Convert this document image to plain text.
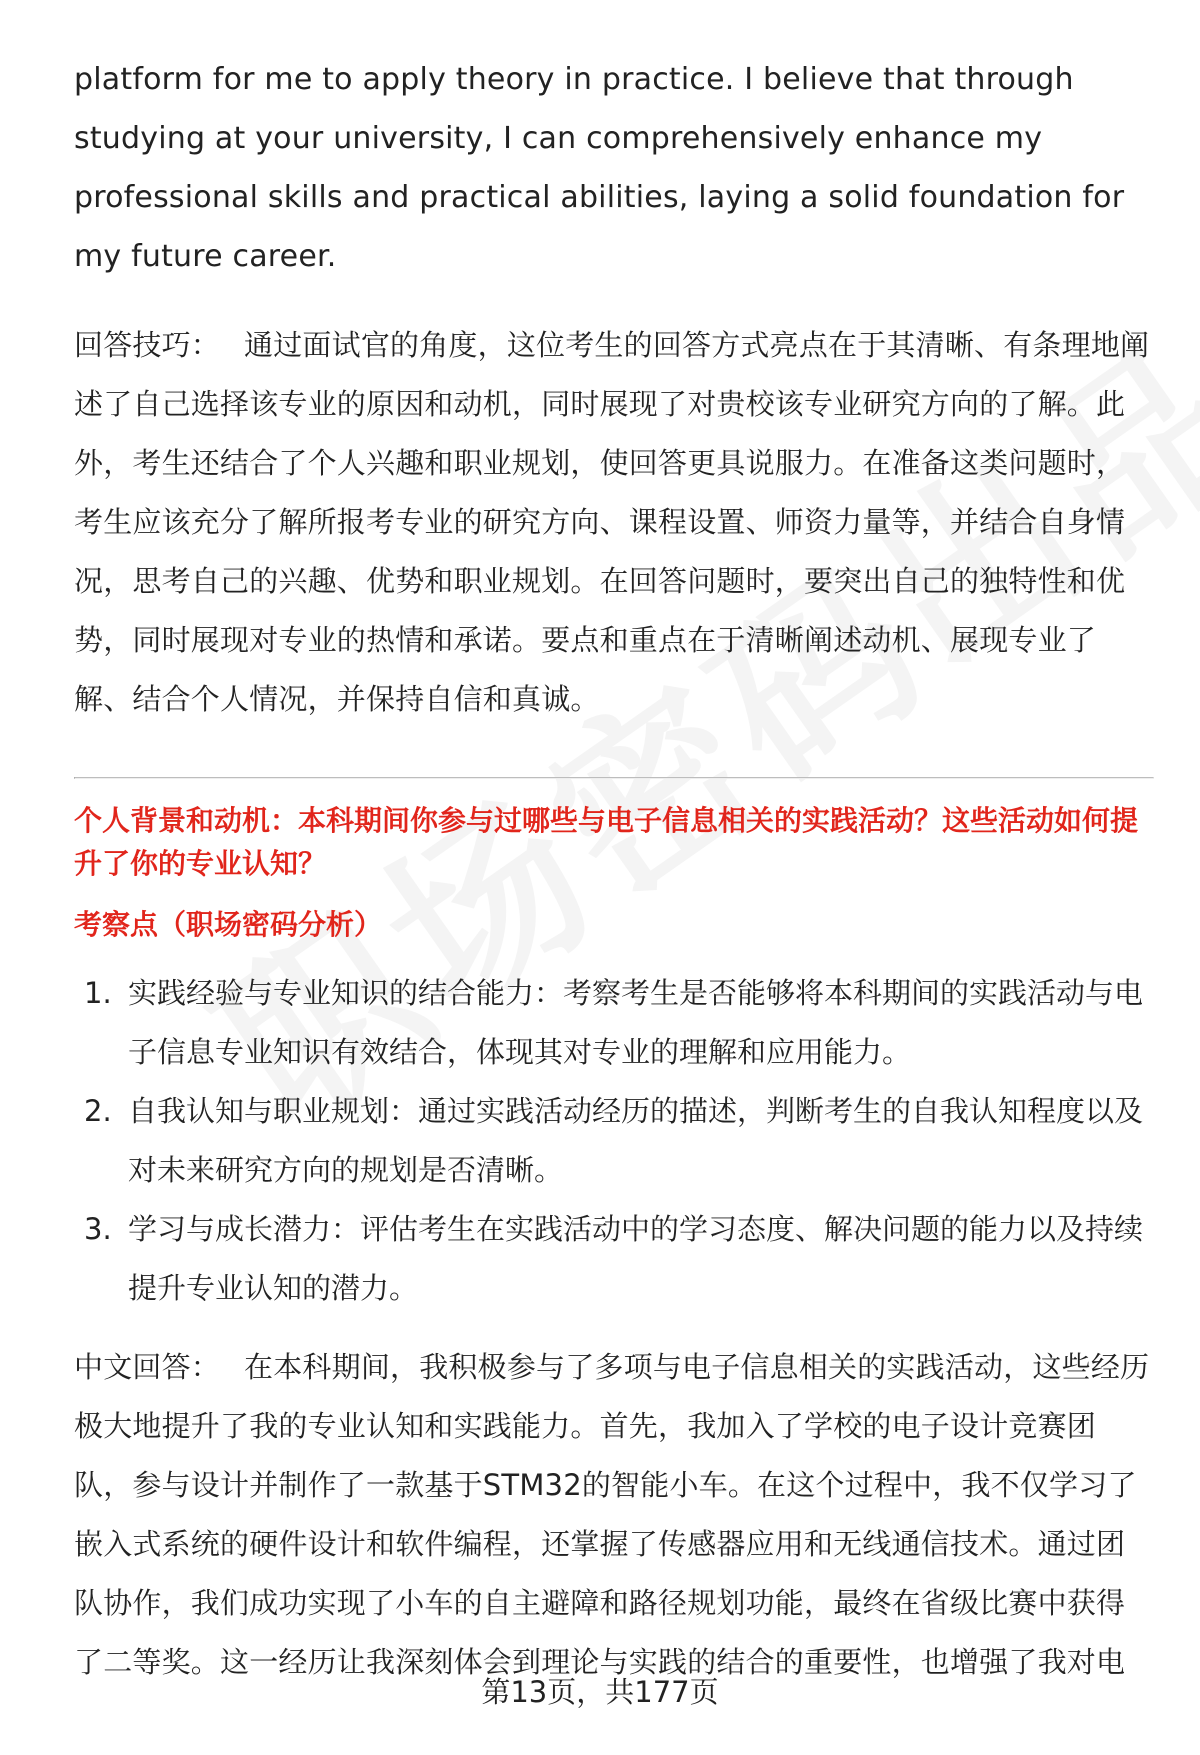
platform for me to apply theory in practice. I believe that through studying at your university, I can comprehensively enhance my professional skills and practical abilities, laying a solid foundation for my future career.

回答技巧： 通过面试官的角度，这位考生的回答方式亮点在于其清晰、有条理地阐述了自己选择该专业的原因和动机，同时展现了对贵校该专业研究方向的了解。此外，考生还结合了个人兴趣和职业规划，使回答更具说服力。在准备这类问题时，考生应该充分了解所报考专业的研究方向、课程设置、师资力量等，并结合自身情况，思考自己的兴趣、优势和职业规划。在回答问题时，要突出自己的独特性和优势，同时展现对专业的热情和承诺。要点和重点在于清晰阐述动机、展现专业了解、结合个人情况，并保持自信和真诚。

个人背景和动机：本科期间你参与过哪些与电子信息相关的实践活动？这些活动如何提升了你的专业认知？

考察点（职场密码分析）

1. 实践经验与专业知识的结合能力：考察考生是否能够将本科期间的实践活动与电子信息专业知识有效结合，体现其对专业的理解和应用能力。
2. 自我认知与职业规划：通过实践活动经历的描述，判断考生的自我认知程度以及对未来研究方向的规划是否清晰。
3. 学习与成长潜力：评估考生在实践活动中的学习态度、解决问题的能力以及持续提升专业认知的潜力。

中文回答： 在本科期间，我积极参与了多项与电子信息相关的实践活动，这些经历极大地提升了我的专业认知和实践能力。首先，我加入了学校的电子设计竞赛团队，参与设计并制作了一款基于STM32的智能小车。在这个过程中，我不仅学习了嵌入式系统的硬件设计和软件编程，还掌握了传感器应用和无线通信技术。通过团队协作，我们成功实现了小车的自主避障和路径规划功能，最终在省级比赛中获得了二等奖。这一经历让我深刻体会到理论与实践的结合的重要性，也增强了我对电

第13页，共177页
